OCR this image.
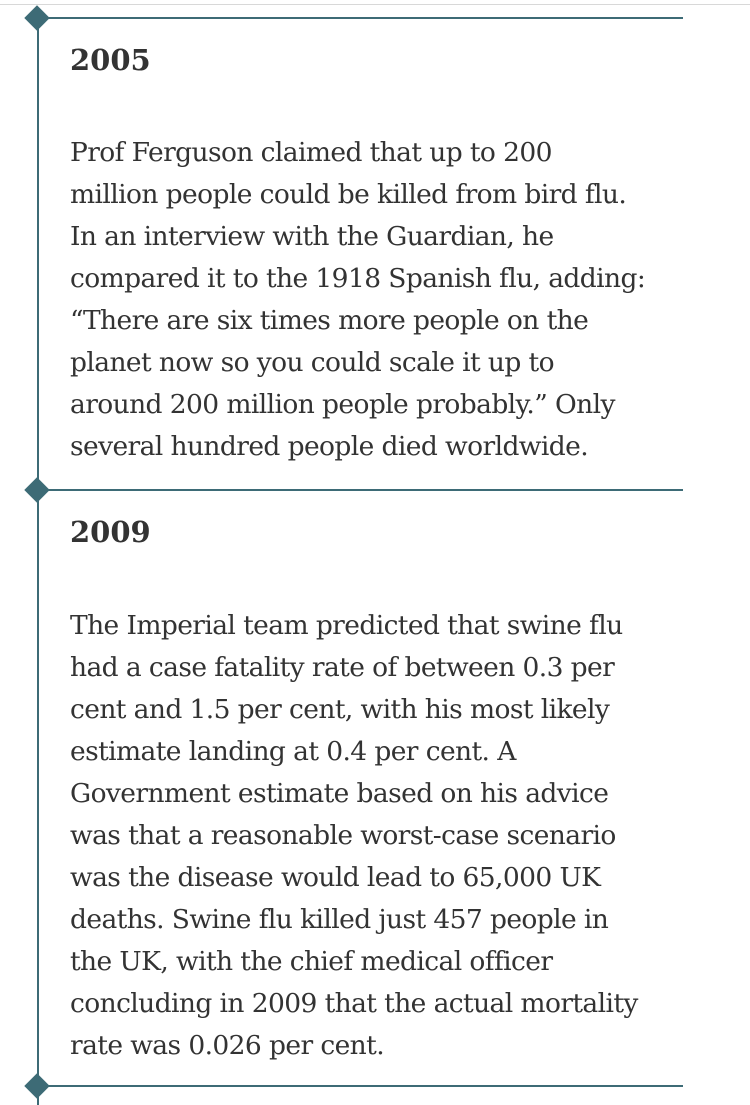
2005

Prof Ferguson claimed that up to 200
million people could be killed from bird flu.
In an interview with the Guardian, he
compared it to the 1918 Spanish flu, adding:
“There are six times more people on the
planet now so you could scale it up to
around 200 million people probably.” Only
several hundred people died worldwide.

2009

The Imperial team predicted that swine flu
had a case fatality rate of between 0.3 per
cent and 1.5 per cent, with his most likely
estimate landing at 0.4 per cent. A
Government estimate based on his advice
was that a reasonable worst-case scenario
was the disease would lead to 65,000 UK
deaths. Swine flu killed just 457 people in
the UK, with the chief medical officer
concluding in 2009 that the actual mortality
rate was 0.026 per cent.
